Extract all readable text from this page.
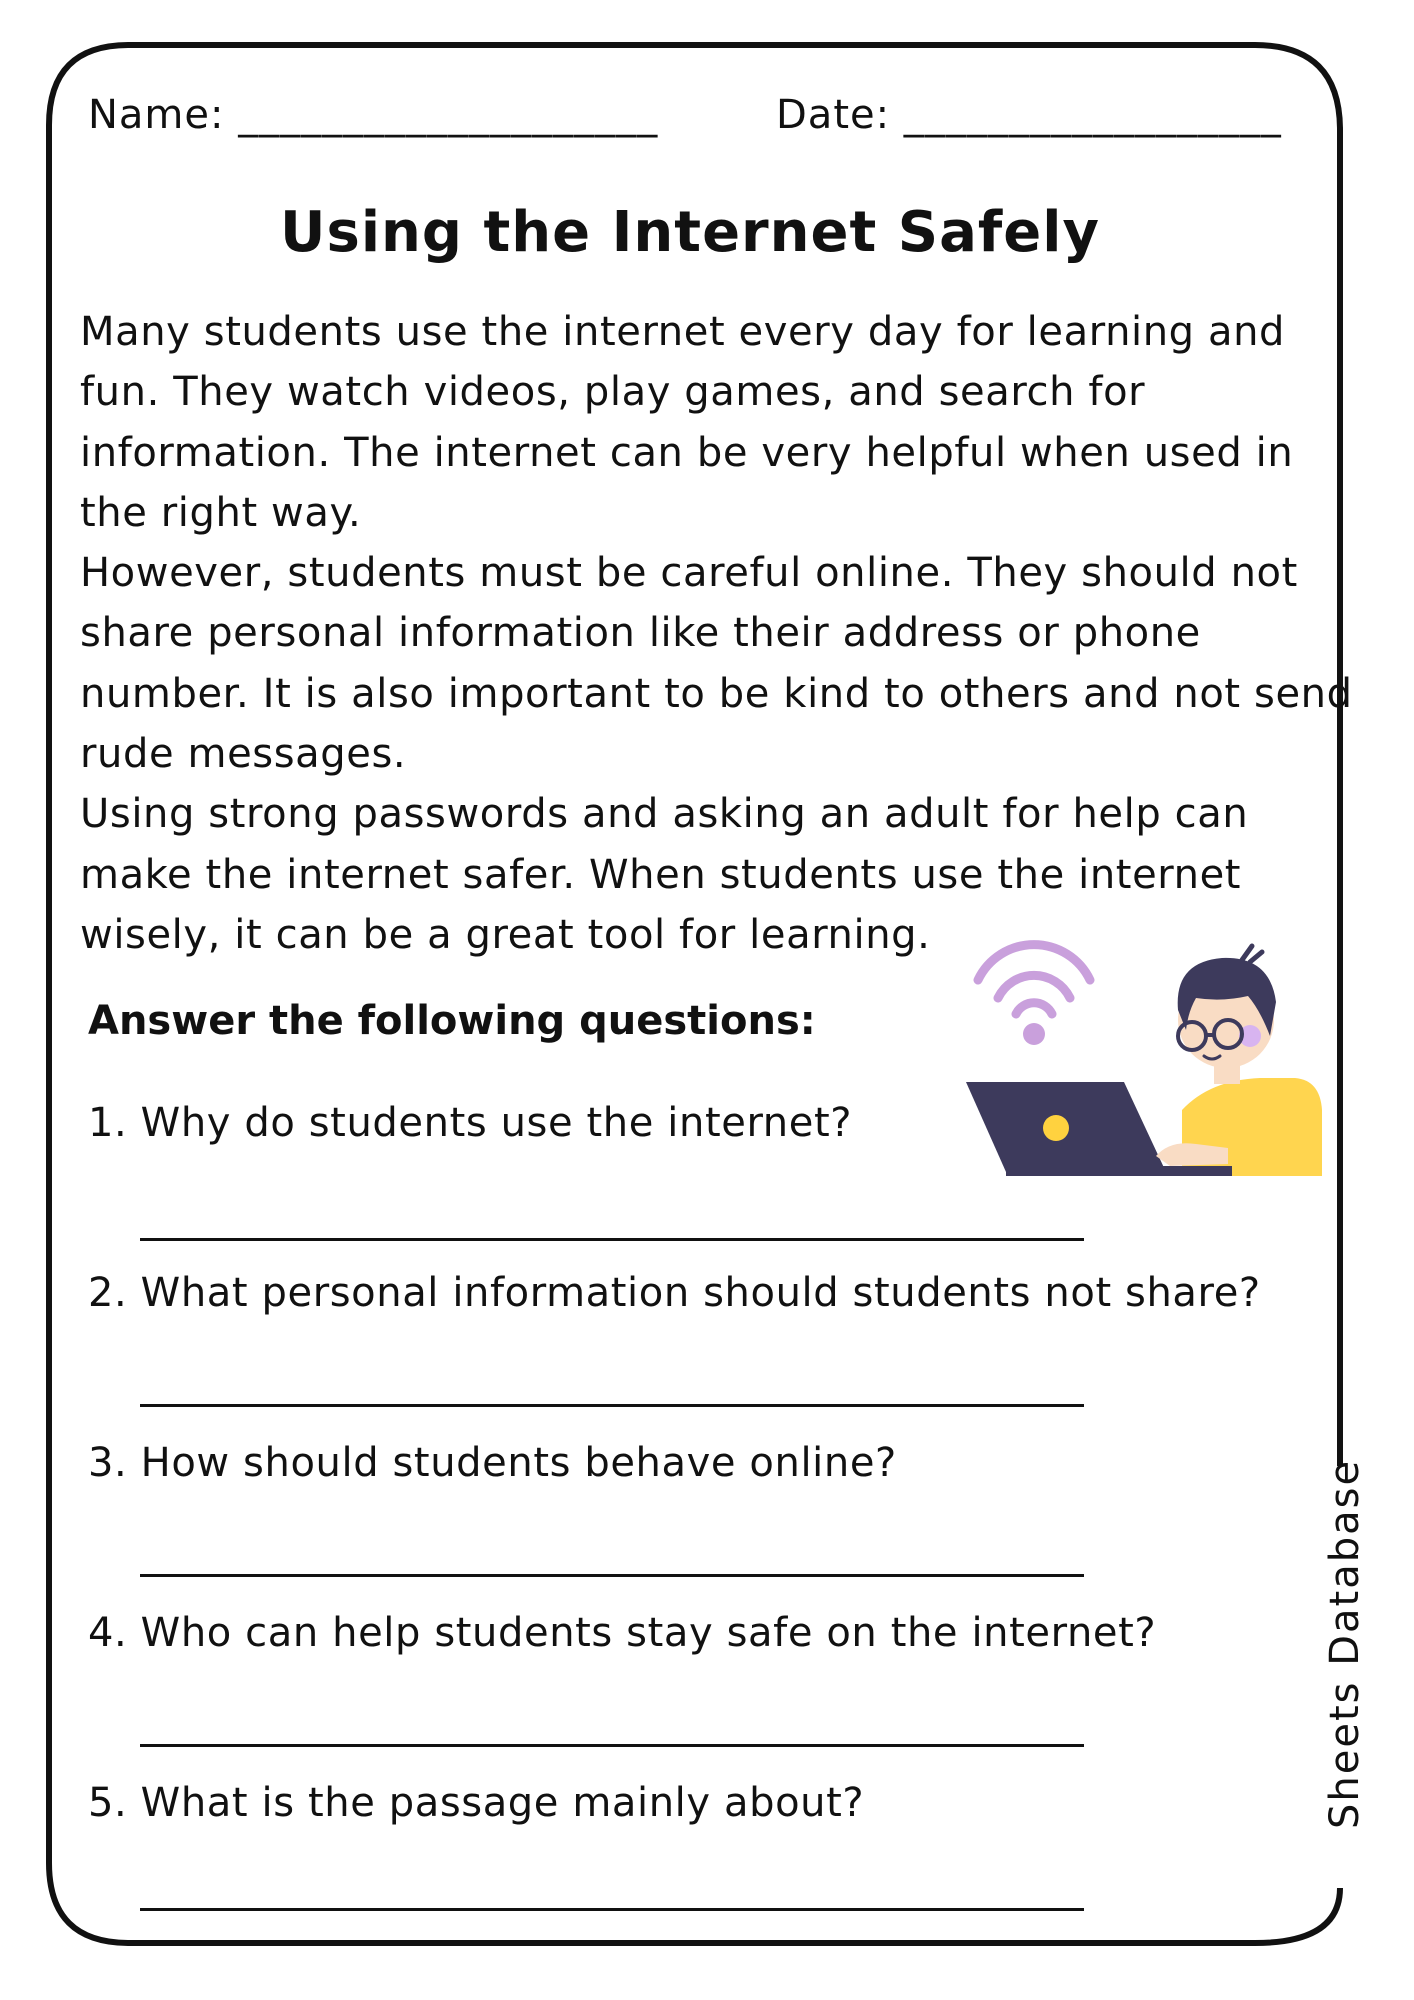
Name: ____________________	Date: __________________
Using the Internet Safely

Many students use the internet every day for learning and fun. They watch videos, play games, and search for information. The internet can be very helpful when used in the right way.

However, students must be careful online. They should not share personal information like their address or phone number. It is also important to be kind to others and not send rude messages.

Using strong passwords and asking an adult for help can make the internet safer. When students use the internet wisely, it can be a great tool for learning.

Answer the following questions:
1. Why do students use the internet?
2. What personal information should students not share?
3. How should students behave online?
4. Who can help students stay safe on the internet?
5. What is the passage mainly about?	Sheets Database
